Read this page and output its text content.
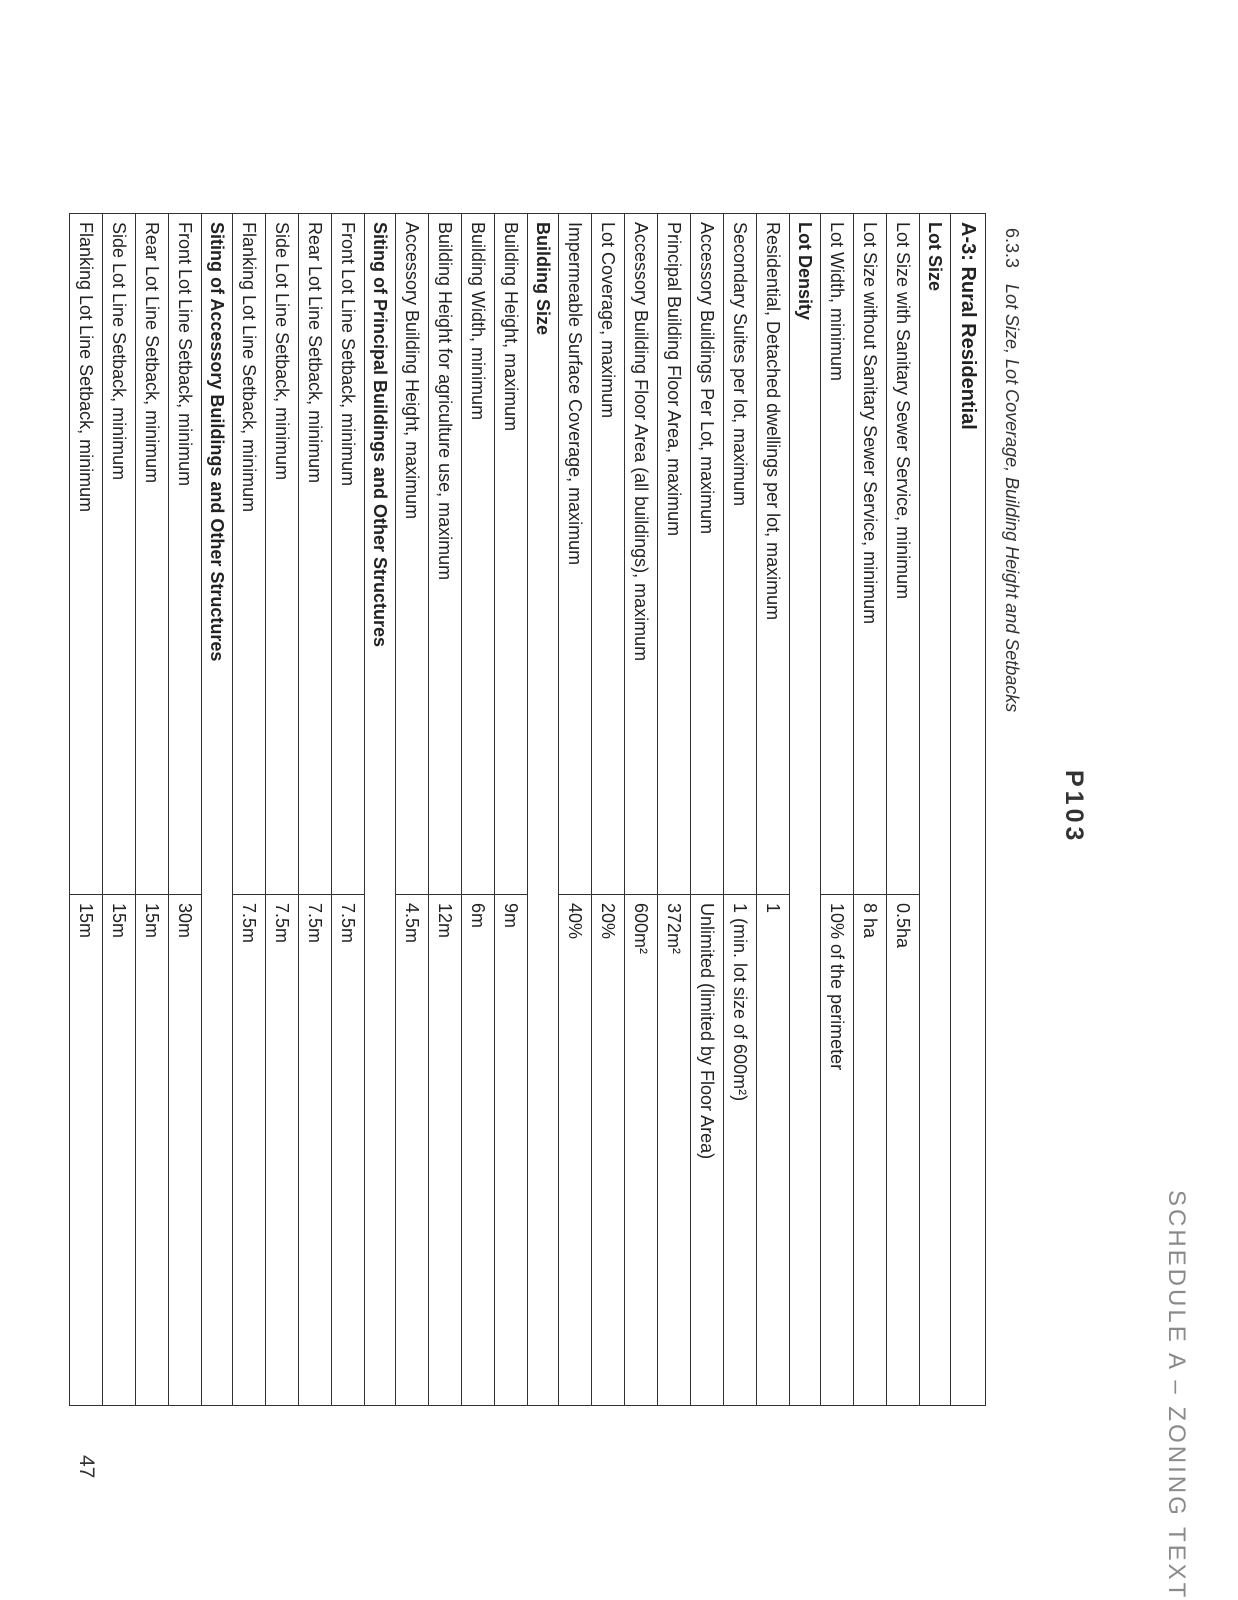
SCHEDULE A – ZONING TEXT
P103
6.3.3Lot Size, Lot Coverage, Building Height and Setbacks
A-3: Rural Residential	
Lot Size	
Lot Size with Sanitary Sewer Service, minimum	0.5ha
Lot Size without Sanitary Sewer Service, minimum	8 ha
Lot Width, minimum	10% of the perimeter
Lot Density	
Residential, Detached dwellings per lot, maximum	1
Secondary Suites per lot, maximum	1 (min. lot size of 600m²)
Accessory Buildings Per Lot, maximum	Unlimited (limited by Floor Area)
Principal Building Floor Area, maximum	372m²
Accessory Building Floor Area (all buildings), maximum	600m²
Lot Coverage, maximum	20%
Impermeable Surface Coverage, maximum	40%
Building Size	
Building Height, maximum	9m
Building Width, minimum	6m
Building Height for agriculture use, maximum	12m
Accessory Building Height, maximum	4.5m
Siting of Principal Buildings and Other Structures	
Front Lot Line Setback, minimum	7.5m
Rear Lot Line Setback, minimum	7.5m
Side Lot Line Setback, minimum	7.5m
Flanking Lot Line Setback, minimum	7.5m
Siting of Accessory Buildings and Other Structures	
Front Lot Line Setback, minimum	30m
Rear Lot Line Setback, minimum	15m
Side Lot Line Setback, minimum	15m
Flanking Lot Line Setback, minimum	15m
47
